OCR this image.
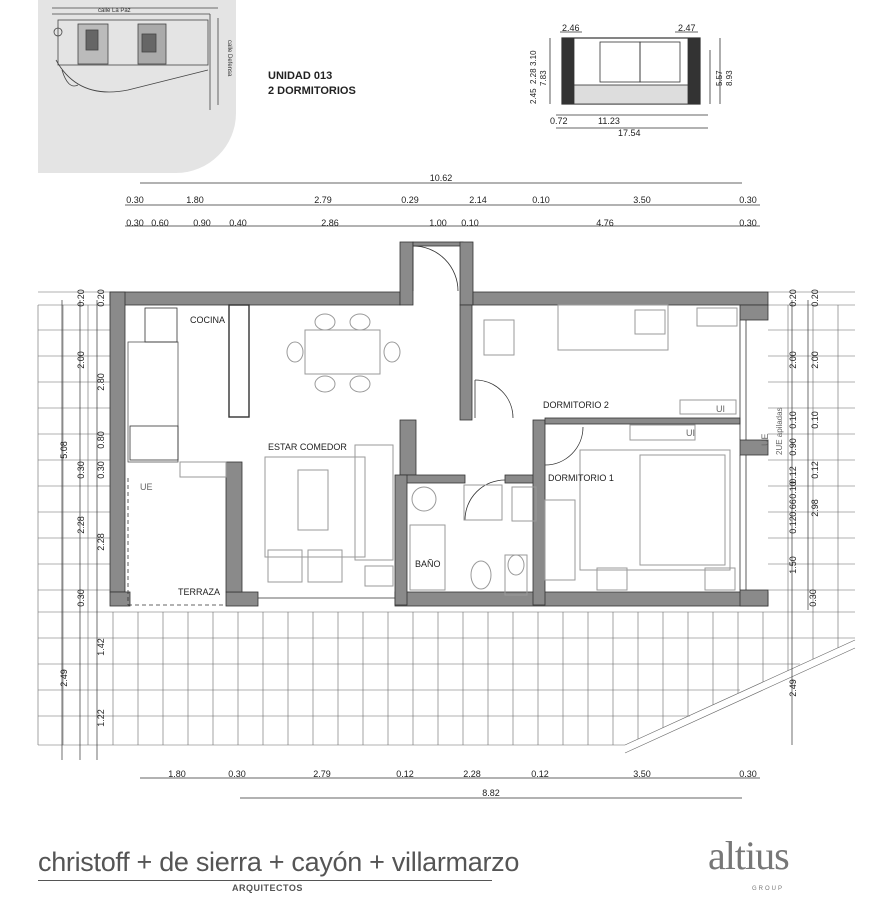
calle La Paz
calle Defensa	UNIDAD 013
2 DORMITORIOS
2.46	2.47
2.45
2.28
3.10
7.83	5.57 8.93
0.72	11.23
17.54
COCINA
ESTAR COMEDOR
DORMITORIO 1
DORMITORIO 2
BAÑO
TERRAZA
UE
UI
UI
UE 2UE apiladas
10.62
0.30	1.80	2.79	0.29	2.14	0.10	3.50	0.30
0.30 0.60	0.90 0.40	2.86	1.00 0.10	4.76	0.30
1.80	0.30	2.79	0.12	2.28	0.12	3.50	0.30
8.82
5.08
2.49
0.20
2.00
0.30
2.28
0.30
0.20
2.80
0.80
0.30
2.28
1.42
1.22
0.20
2.00
0.10
0.90
0.12
0.10
0.66
0.12
1.50
0.30
0.20
2.00
0.10
0.12
2.98
2.49
christoff + de sierra + cayón + villarmarzo
ARQUITECTOS
altius
GROUP
